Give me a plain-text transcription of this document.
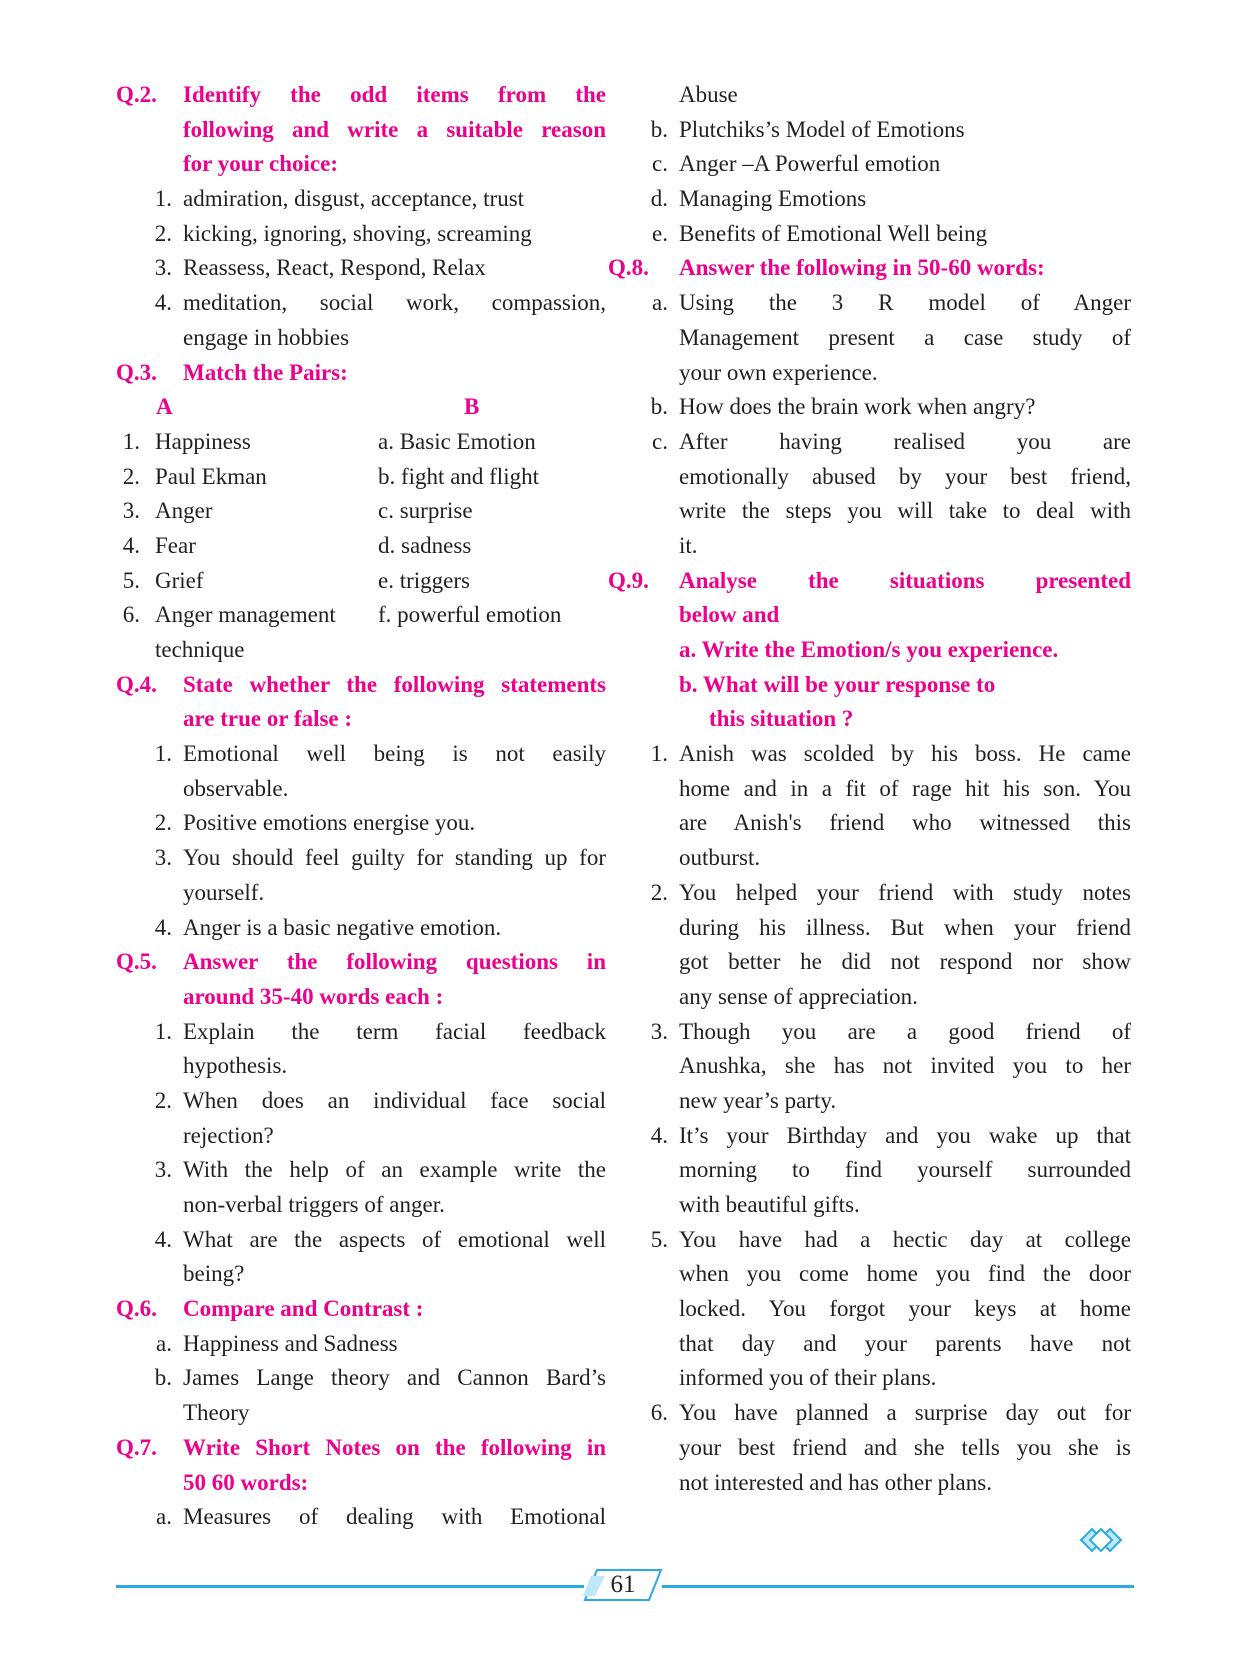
Q.2. Identify the odd items from the
following and write a suitable reason
for your choice:
1. admiration, disgust, acceptance, trust
2. kicking, ignoring, shoving, screaming
3. Reassess, React, Respond, Relax
4. meditation, social work, compassion,
engage in hobbies
Q.3. Match the Pairs:
A	B
1. Happiness	a. Basic Emotion
2. Paul Ekman	b. fight and flight
3. Anger	c. surprise
4. Fear	d. sadness
5. Grief	e. triggers
6. Anger management f. powerful emotion
technique
Q.4. State whether the following statements
are true or false :
1. Emotional well being is not easily
observable.
2. Positive emotions energise you.
3. You should feel guilty for standing up for
yourself.
4. Anger is a basic negative emotion.
Q.5. Answer the following questions in
around 35-40 words each :
1. Explain the term facial feedback
hypothesis.
2. When does an individual face social
rejection?
3. With the help of an example write the
non-verbal triggers of anger.
4. What are the aspects of emotional well
being?
Q.6. Compare and Contrast :
a. Happiness and Sadness
b. James Lange theory and Cannon Bard’s
Theory
Q.7. Write Short Notes on the following in
50 60 words:
a. Measures of dealing with Emotional
Abuse
b. Plutchiks’s Model of Emotions
c. Anger –A Powerful emotion
d. Managing Emotions
e. Benefits of Emotional Well being
Q.8. Answer the following in 50-60 words:
a. Using the 3 R model of Anger
Management present a case study of
your own experience.
b. How does the brain work when angry?
c. After having realised you are
emotionally abused by your best friend,
write the steps you will take to deal with
it.
Q.9. Analyse the situations presented
below and
a. Write the Emotion/s you experience.
b. What will be your response to
this situation ?
1. Anish was scolded by his boss. He came
home and in a fit of rage hit his son. You
are Anish's friend who witnessed this
outburst.
2. You helped your friend with study notes
during his illness. But when your friend
got better he did not respond nor show
any sense of appreciation.
3. Though you are a good friend of
Anushka, she has not invited you to her
new year’s party.
4. It’s your Birthday and you wake up that
morning to find yourself surrounded
with beautiful gifts.
5. You have had a hectic day at college
when you come home you find the door
locked. You forgot your keys at home
that day and your parents have not
informed you of their plans.
6. You have planned a surprise day out for
your best friend and she tells you she is
not interested and has other plans.
61
